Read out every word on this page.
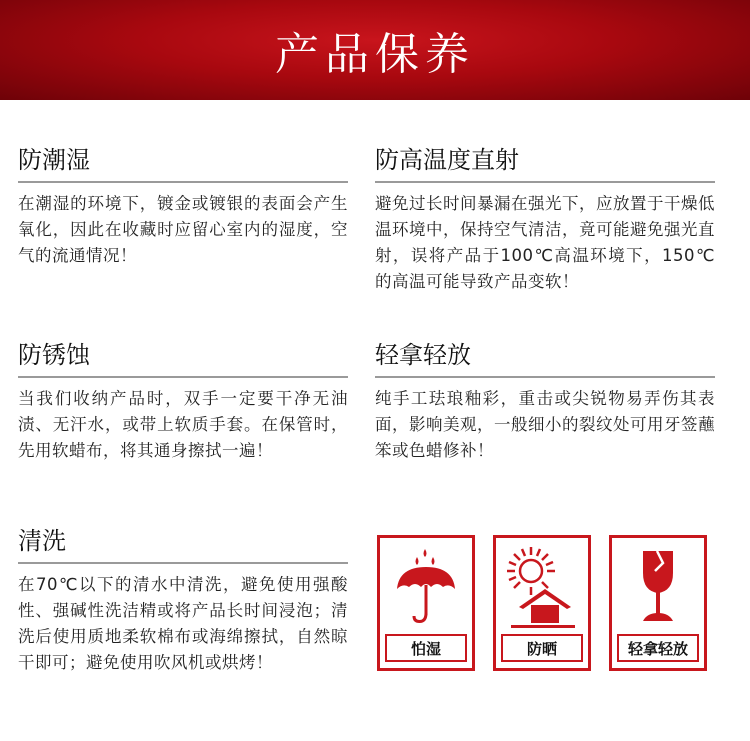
产品保养
防潮湿

在潮湿的环境下，镀金或镀银的表面会产生氧化，因此在收藏时应留心室内的湿度，空气的流通情况！

防高温度直射

避免过长时间暴漏在强光下，应放置于干燥低温环境中，保持空气清洁，竟可能避免强光直射，误将产品于100℃高温环境下，150℃的高温可能导致产品变软！

防锈蚀

当我们收纳产品时，双手一定要干净无油渍、无汗水，或带上软质手套。在保管时，先用软蜡布，将其通身擦拭一遍！

轻拿轻放

纯手工珐琅釉彩，重击或尖锐物易弄伤其表面，影响美观，一般细小的裂纹处可用牙签蘸笨或色蜡修补！

清洗

在70℃以下的清水中清洗，避免使用强酸性、强碱性洗洁精或将产品长时间浸泡；清洗后使用质地柔软棉布或海绵擦拭，自然晾干即可；避免使用吹风机或烘烤！

怕湿	防晒	轻拿轻放
